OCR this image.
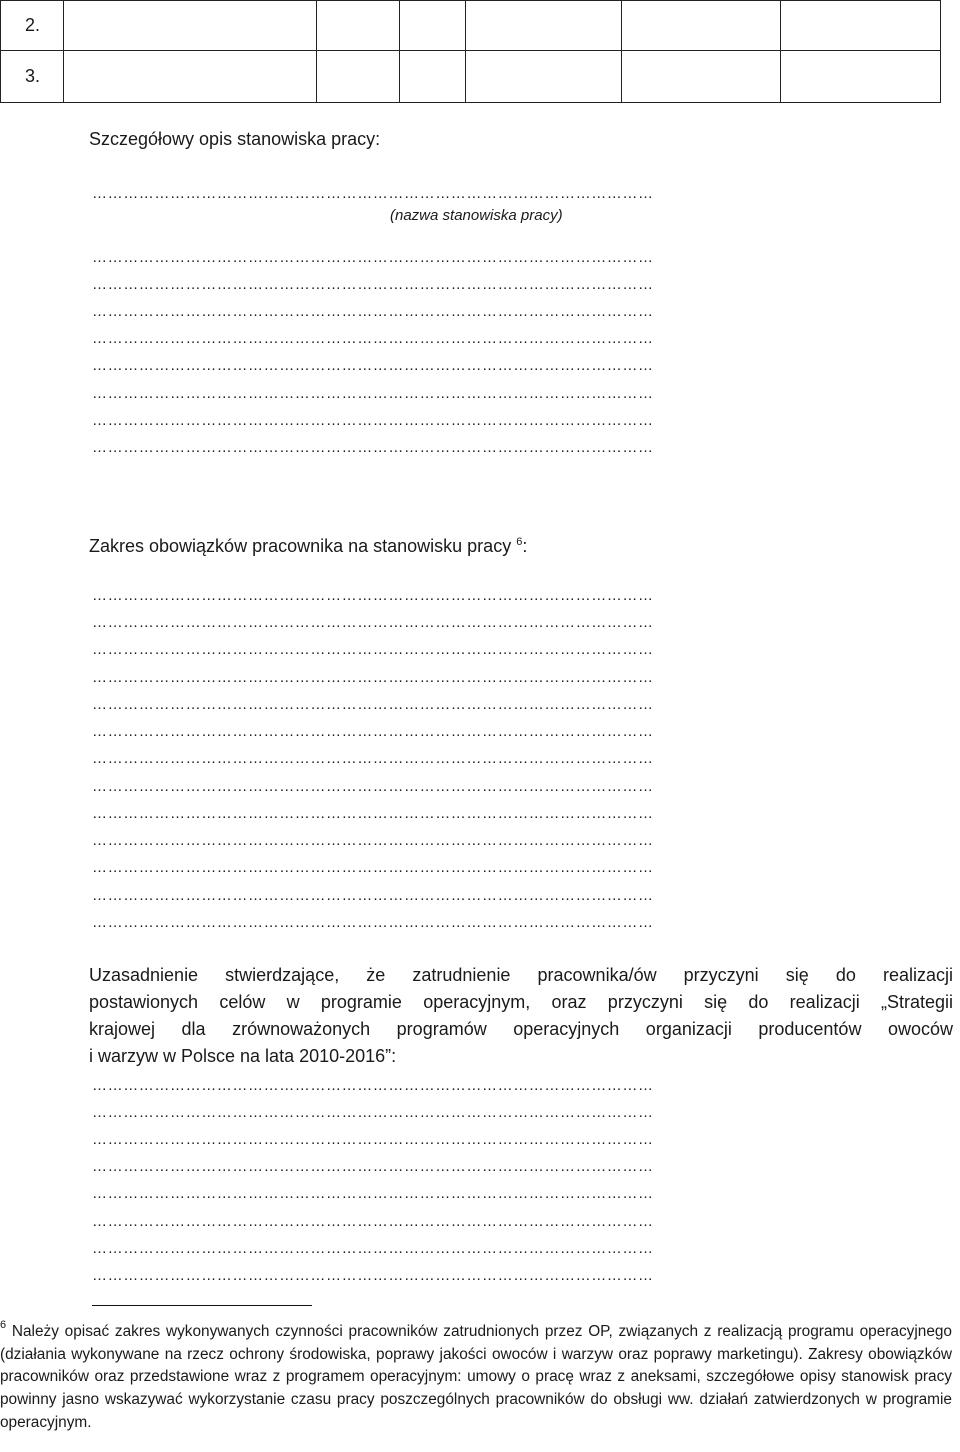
2.						
3.						
Szczegółowy opis stanowiska pracy:
………………………………………………………………………………………………
(nazwa stanowiska pracy)
………………………………………………………………………………………………
………………………………………………………………………………………………
………………………………………………………………………………………………
………………………………………………………………………………………………
………………………………………………………………………………………………
………………………………………………………………………………………………
………………………………………………………………………………………………
………………………………………………………………………………………………
Zakres obowiązków pracownika na stanowisku pracy $^6$:
………………………………………………………………………………………………
………………………………………………………………………………………………
………………………………………………………………………………………………
………………………………………………………………………………………………
………………………………………………………………………………………………
………………………………………………………………………………………………
………………………………………………………………………………………………
………………………………………………………………………………………………
………………………………………………………………………………………………
………………………………………………………………………………………………
………………………………………………………………………………………………
………………………………………………………………………………………………
………………………………………………………………………………………………
Uzasadnienie stwierdzające, że zatrudnienie pracownika/ów przyczyni się do realizacji
postawionych celów w programie operacyjnym, oraz przyczyni się do realizacji „Strategii
krajowej dla zrównoważonych programów operacyjnych organizacji producentów owoców
i warzyw w Polsce na lata 2010-2016”:
………………………………………………………………………………………………
………………………………………………………………………………………………
………………………………………………………………………………………………
………………………………………………………………………………………………
………………………………………………………………………………………………
………………………………………………………………………………………………
………………………………………………………………………………………………
………………………………………………………………………………………………
$^6$ Należy opisać zakres wykonywanych czynności pracowników zatrudnionych przez OP, związanych z realizacją programu operacyjnego (działania wykonywane na rzecz ochrony środowiska, poprawy jakości owoców i warzyw oraz poprawy marketingu). Zakresy obowiązków pracowników oraz przedstawione wraz z programem operacyjnym: umowy o pracę wraz z aneksami, szczegółowe opisy stanowisk pracy powinny jasno wskazywać wykorzystanie czasu pracy poszczególnych pracowników do obsługi ww. działań zatwierdzonych w programie operacyjnym.
